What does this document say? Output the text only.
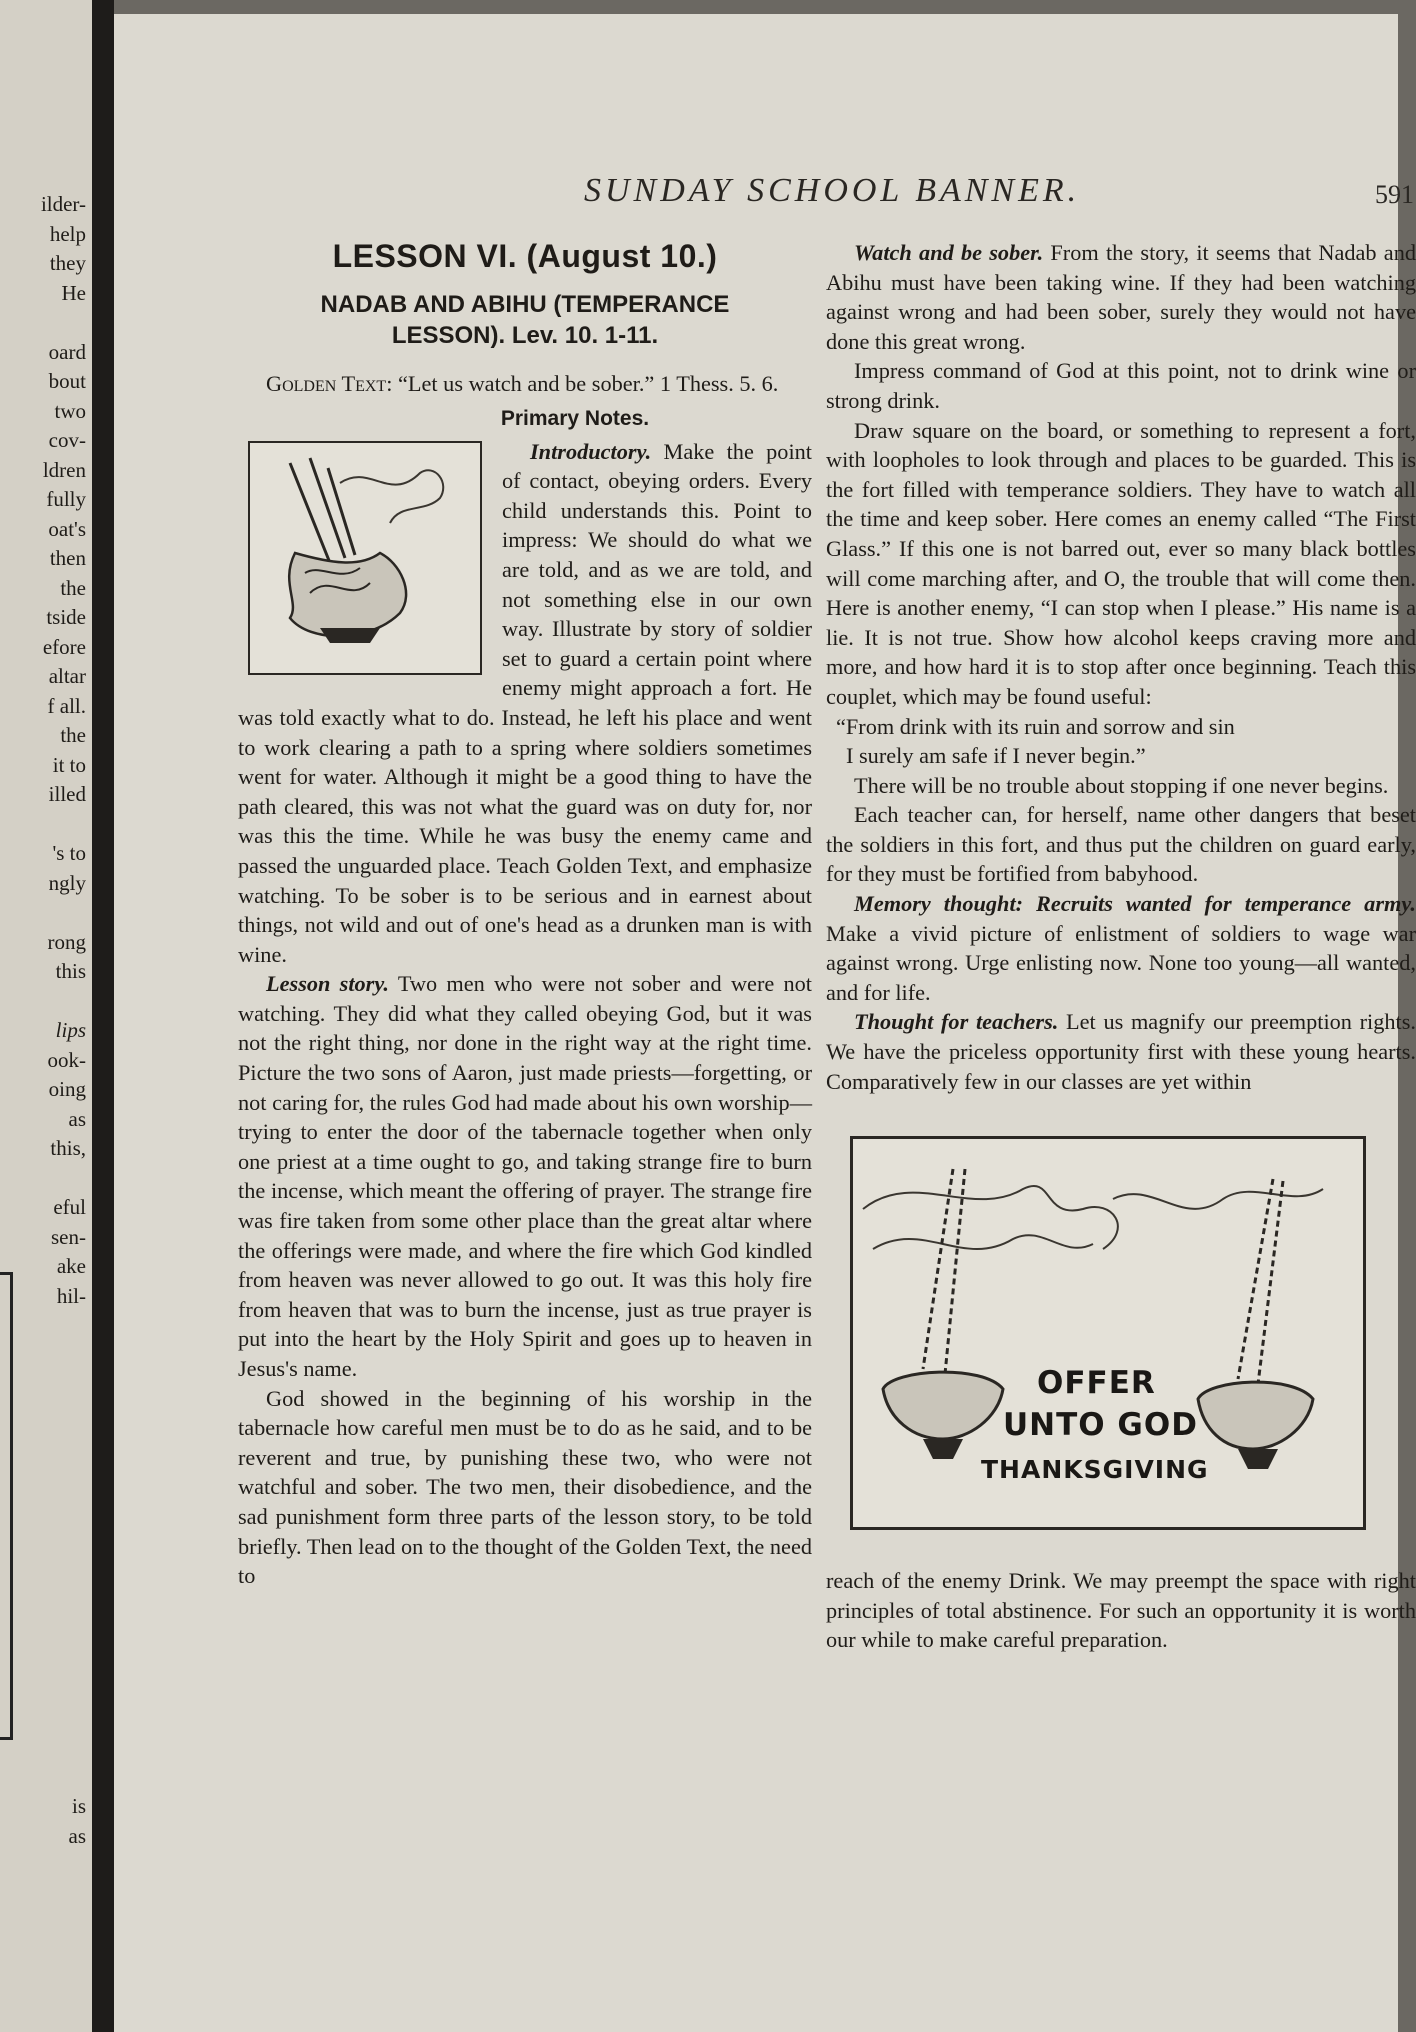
ilder-
help
they
He
oard
bout
two
cov-
ldren
fully
oat's
then
the
tside
efore
altar
f all.
the
it to
illed
's to
ngly
rong
this
lips
ook-
oing
as
this,
eful
sen-
ake
hil-
is
as
SUNDAY SCHOOL BANNER.	591
LESSON VI. (August 10.)
NADAB AND ABIHU (TEMPERANCE
LESSON). Lev. 10. 1-11.

Golden Text: “Let us watch and be sober.” 1 Thess. 5. 6.

Primary Notes.

Introductory. Make the point of contact, obeying orders. Every child understands this. Point to impress: We should do what we are told, and as we are told, and not something else in our own way. Illustrate by story of soldier set to guard a certain point where enemy might approach a fort. He was told exactly what to do. Instead, he left his place and went to work clearing a path to a spring where soldiers sometimes went for water. Although it might be a good thing to have the path cleared, this was not what the guard was on duty for, nor was this the time. While he was busy the enemy came and passed the unguarded place. Teach Golden Text, and emphasize watching. To be sober is to be serious and in earnest about things, not wild and out of one's head as a drunken man is with wine.

Lesson story. Two men who were not sober and were not watching. They did what they called obeying God, but it was not the right thing, nor done in the right way at the right time. Picture the two sons of Aaron, just made priests—forgetting, or not caring for, the rules God had made about his own worship—trying to enter the door of the tabernacle together when only one priest at a time ought to go, and taking strange fire to burn the incense, which meant the offering of prayer. The strange fire was fire taken from some other place than the great altar where the offerings were made, and where the fire which God kindled from heaven was never allowed to go out. It was this holy fire from heaven that was to burn the incense, just as true prayer is put into the heart by the Holy Spirit and goes up to heaven in Jesus's name.

God showed in the beginning of his worship in the tabernacle how careful men must be to do as he said, and to be reverent and true, by punishing these two, who were not watchful and sober. The two men, their disobedience, and the sad punishment form three parts of the lesson story, to be told briefly. Then lead on to the thought of the Golden Text, the need to

Watch and be sober. From the story, it seems that Nadab and Abihu must have been taking wine. If they had been watching against wrong and had been sober, surely they would not have done this great wrong.

Impress command of God at this point, not to drink wine or strong drink.

Draw square on the board, or something to represent a fort, with loopholes to look through and places to be guarded. This is the fort filled with temperance soldiers. They have to watch all the time and keep sober. Here comes an enemy called “The First Glass.” If this one is not barred out, ever so many black bottles will come marching after, and O, the trouble that will come then. Here is another enemy, “I can stop when I please.” His name is a lie. It is not true. Show how alcohol keeps craving more and more, and how hard it is to stop after once beginning. Teach this couplet, which may be found useful:

“From drink with its ruin and sorrow and sin

I surely am safe if I never begin.”

There will be no trouble about stopping if one never begins.

Each teacher can, for herself, name other dangers that beset the soldiers in this fort, and thus put the children on guard early, for they must be fortified from babyhood.

Memory thought: Recruits wanted for temperance army. Make a vivid picture of enlistment of soldiers to wage war against wrong. Urge enlisting now. None too young—all wanted, and for life.

Thought for teachers. Let us magnify our preemption rights. We have the priceless opportunity first with these young hearts. Comparatively few in our classes are yet within

OFFER
UNTO GOD
THANKSGIVING

reach of the enemy Drink. We may preempt the space with right principles of total abstinence. For such an opportunity it is worth our while to make careful preparation.
